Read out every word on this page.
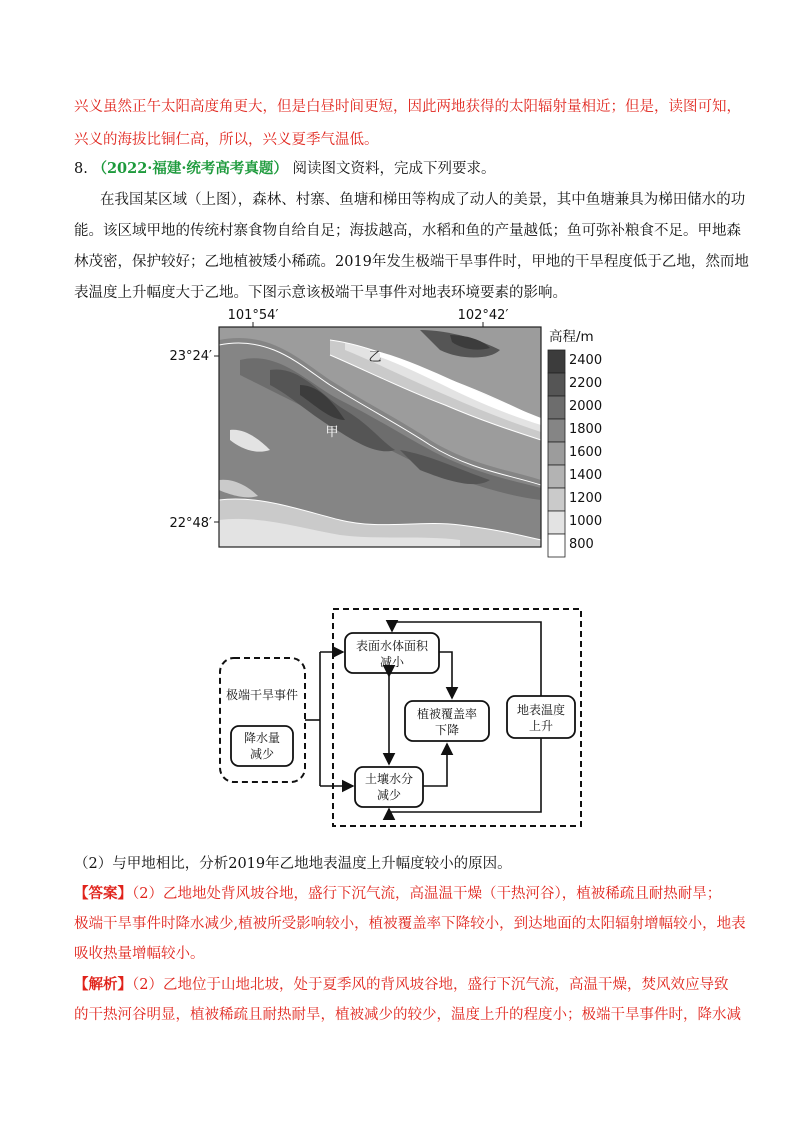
兴义虽然正午太阳高度角更大，但是白昼时间更短，因此两地获得的太阳辐射量相近；但是，读图可知，
兴义的海拔比铜仁高，所以，兴义夏季气温低。
8. （2022·福建·统考高考真题） 阅读图文资料，完成下列要求。
在我国某区域（上图），森林、村寨、鱼塘和梯田等构成了动人的美景，其中鱼塘兼具为梯田储水的功
能。该区域甲地的传统村寨食物自给自足；海拔越高，水稻和鱼的产量越低；鱼可弥补粮食不足。甲地森
林茂密，保护较好；乙地植被矮小稀疏。2019年发生极端干旱事件时，甲地的干旱程度低于乙地，然而地
表温度上升幅度大于乙地。下图示意该极端干旱事件对地表环境要素的影响。
101°54′	102°42′
23°24′
22°48′
乙
甲
高程/m
2400
2200
2000
1800
1600
1400
1200
1000
800
极端干旱事件
降水量
减少
表面水体面积
减小
植被覆盖率
下降
土壤水分
减少
地表温度
上升
（2）与甲地相比，分析2019年乙地地表温度上升幅度较小的原因。
【答案】（2）乙地地处背风坡谷地，盛行下沉气流，高温温干燥（干热河谷），植被稀疏且耐热耐旱；
极端干旱事件时降水减少,植被所受影响较小，植被覆盖率下降较小，到达地面的太阳辐射增幅较小，地表
吸收热量增幅较小。
【解析】（2）乙地位于山地北坡，处于夏季风的背风坡谷地，盛行下沉气流，高温干燥，焚风效应导致
的干热河谷明显，植被稀疏且耐热耐旱，植被减少的较少，温度上升的程度小；极端干旱事件时，降水减
